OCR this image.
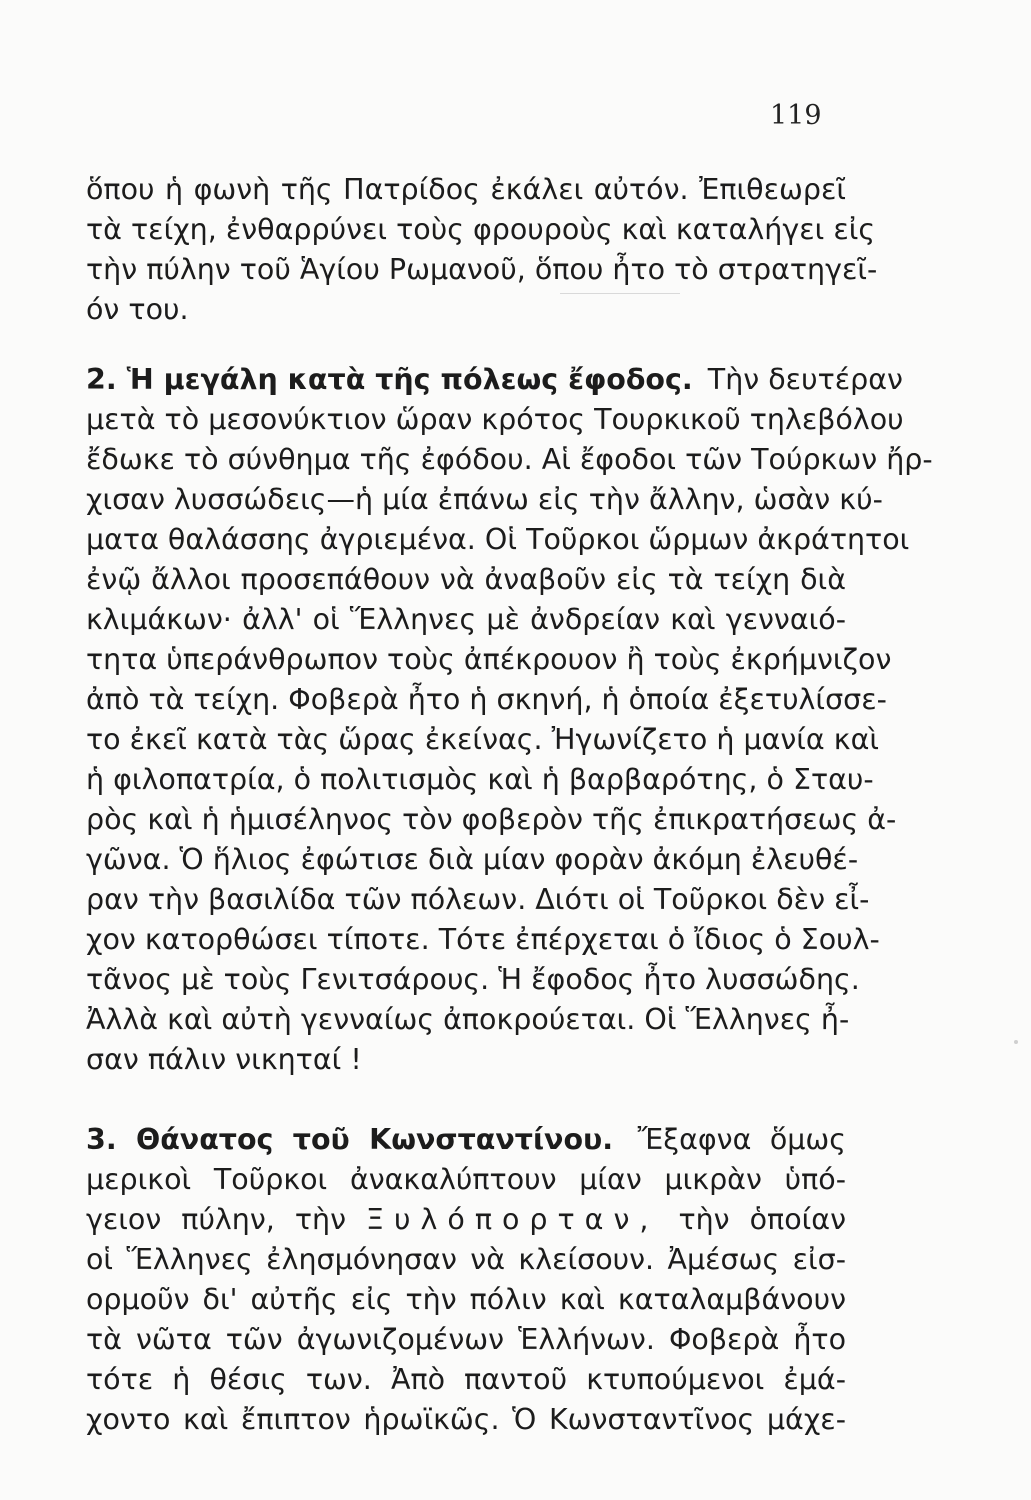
119
ὅπου ἡ φωνὴ τῆς Πατρίδος ἐκάλει αὐτόν. Ἐπιθεωρεῖ
τὰ τείχη, ἐνθαρρύνει τοὺς φρουροὺς καὶ καταλήγει εἰς
τὴν πύλην τοῦ Ἁγίου Ρωμανοῦ, ὅπου ἦτο τὸ στρατηγεῖ-
όν του.
2. Ἡ μεγάλη κατὰ τῆς πόλεως ἔφοδος. Τὴν δευτέραν
μετὰ τὸ μεσονύκτιον ὥραν κρότος Τουρκικοῦ τηλεβόλου
ἔδωκε τὸ σύνθημα τῆς ἐφόδου. Αἱ ἔφοδοι τῶν Τούρκων ἤρ-
χισαν λυσσώδεις—ἡ μία ἐπάνω εἰς τὴν ἄλλην, ὡσὰν κύ-
ματα θαλάσσης ἀγριεμένα. Οἱ Τοῦρκοι ὥρμων ἀκράτητοι
ἐνῷ ἄλλοι προσεπάθουν νὰ ἀναβοῦν εἰς τὰ τείχη διὰ
κλιμάκων· ἀλλ' οἱ Ἕλληνες μὲ ἀνδρείαν καὶ γενναιό-
τητα ὑπεράνθρωπον τοὺς ἀπέκρουον ἢ τοὺς ἐκρήμνιζον
ἀπὸ τὰ τείχη. Φοβερὰ ἦτο ἡ σκηνή, ἡ ὁποία ἐξετυλίσσε-
το ἐκεῖ κατὰ τὰς ὥρας ἐκείνας. Ἠγωνίζετο ἡ μανία καὶ
ἡ φιλοπατρία, ὁ πολιτισμὸς καὶ ἡ βαρβαρότης, ὁ Σταυ-
ρὸς καὶ ἡ ἡμισέληνος τὸν φοβερὸν τῆς ἐπικρατήσεως ἀ-
γῶνα. Ὁ ἥλιος ἐφώτισε διὰ μίαν φορὰν ἀκόμη ἐλευθέ-
ραν τὴν βασιλίδα τῶν πόλεων. Διότι οἱ Τοῦρκοι δὲν εἶ-
χον κατορθώσει τίποτε. Τότε ἐπέρχεται ὁ ἴδιος ὁ Σουλ-
τᾶνος μὲ τοὺς Γενιτσάρους. Ἡ ἔφοδος ἦτο λυσσώδης.
Ἀλλὰ καὶ αὐτὴ γενναίως ἀποκρούεται. Οἱ Ἕλληνες ἦ-
σαν πάλιν νικηταί !
3. Θάνατος τοῦ Κωνσταντίνου. Ἔξαφνα ὅμως
μερικοὶ Τοῦρκοι ἀνακαλύπτουν μίαν μικρὰν ὑπό-
γειον πύλην, τὴν Ξυλόπορταν, τὴν ὁποίαν
οἱ Ἕλληνες ἐλησμόνησαν νὰ κλείσουν. Ἀμέσως εἰσ-
ορμοῦν δι' αὐτῆς εἰς τὴν πόλιν καὶ καταλαμβάνουν
τὰ νῶτα τῶν ἀγωνιζομένων Ἑλλήνων. Φοβερὰ ἦτο
τότε ἡ θέσις των. Ἀπὸ παντοῦ κτυπούμενοι ἐμά-
χοντο καὶ ἔπιπτον ἡρωϊκῶς. Ὁ Κωνσταντῖνος μάχε-
